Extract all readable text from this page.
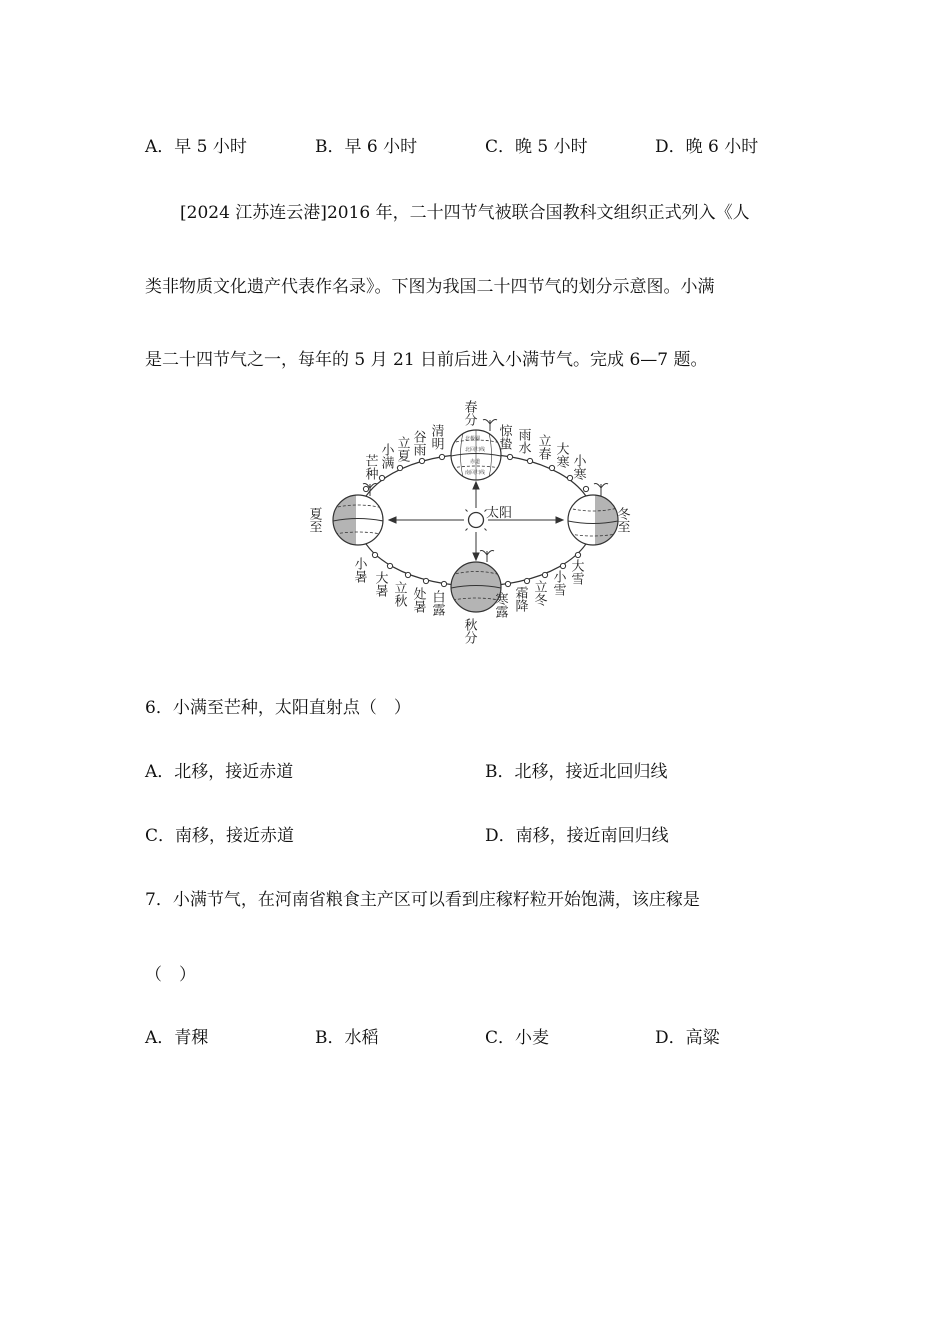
A．早 5 小时	B．早 6 小时	C．晚 5 小时	D．晚 6 小时
[2024 江苏连云港]2016 年，二十四节气被联合国教科文组织正式列入《人
类非物质文化遗产代表作名录》。下图为我国二十四节气的划分示意图。小满
是二十四节气之一，每年的 5 月 21 日前后进入小满节气。完成 6—7 题。
太阳
北极圈
北回归线
赤道
南回归线
春分
夏至
秋分
冬至
清明
谷雨
立夏
小满
芒种
惊蛰 雨水 立春 大寒 小寒
小暑
大暑 立秋 处暑 白露	寒露 霜降 立冬 小雪 大雪
6．小满至芒种，太阳直射点（　）
A．北移，接近赤道	B．北移，接近北回归线
C．南移，接近赤道	D．南移，接近南回归线
7．小满节气，在河南省粮食主产区可以看到庄稼籽粒开始饱满，该庄稼是
（　）
A．青稞	B．水稻	C．小麦	D．高粱
